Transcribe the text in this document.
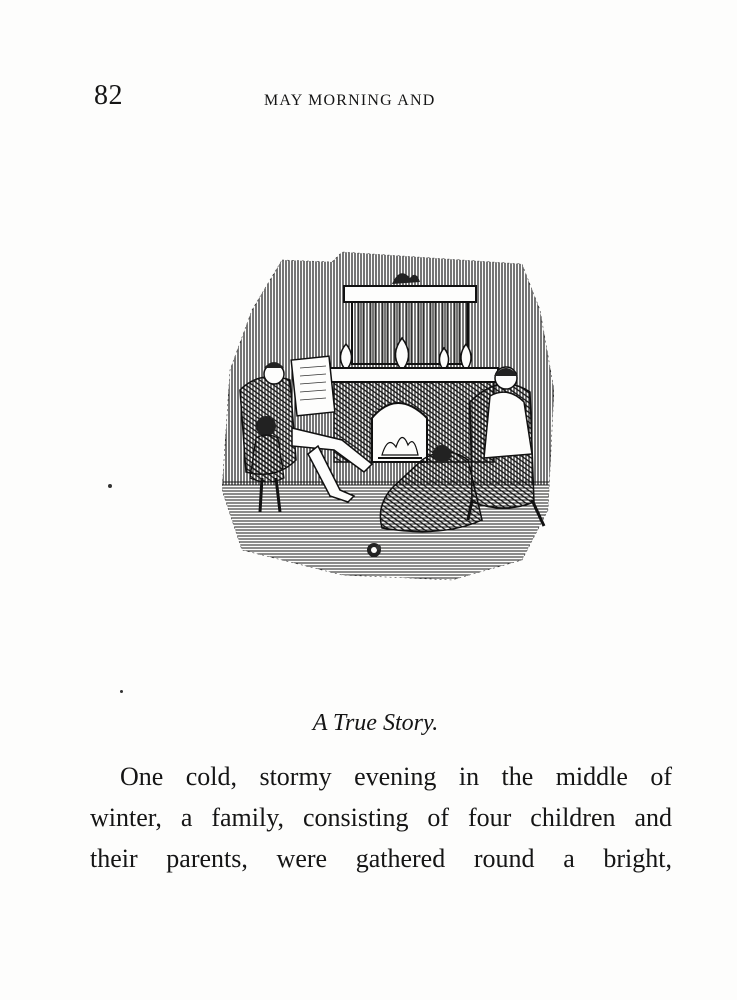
82	MAY MORNING AND
A True Story.
One cold, stormy evening in the middle of
winter, a family, consisting of four children and
their parents, were gathered round a bright,
